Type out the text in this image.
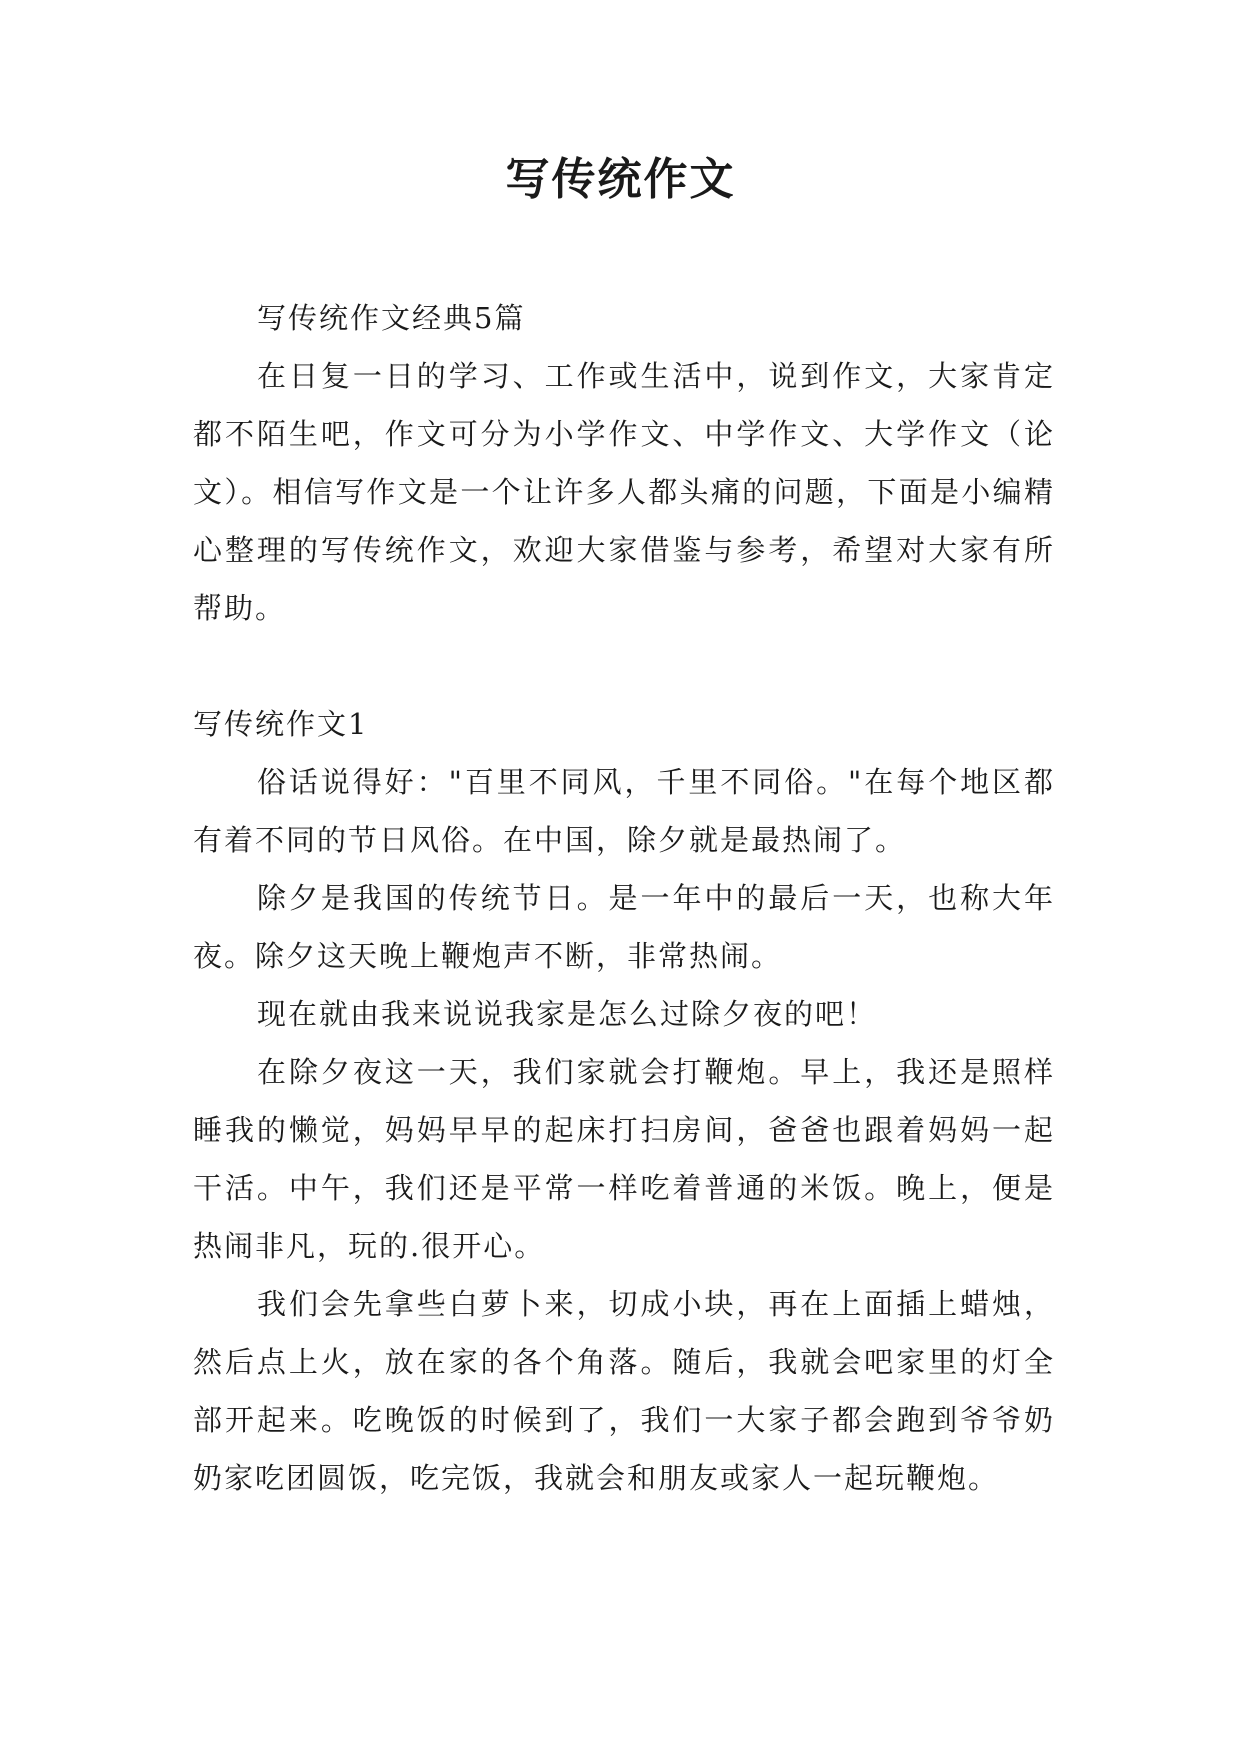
写传统作文

写传统作文经典5篇

在日复一日的学习、工作或生活中，说到作文，大家肯定都不陌生吧，作文可分为小学作文、中学作文、大学作文（论文）。相信写作文是一个让许多人都头痛的问题，下面是小编精心整理的写传统作文，欢迎大家借鉴与参考，希望对大家有所帮助。

写传统作文1

俗话说得好："百里不同风，千里不同俗。"在每个地区都有着不同的节日风俗。在中国，除夕就是最热闹了。

除夕是我国的传统节日。是一年中的最后一天，也称大年夜。除夕这天晚上鞭炮声不断，非常热闹。

现在就由我来说说我家是怎么过除夕夜的吧！

在除夕夜这一天，我们家就会打鞭炮。早上，我还是照样睡我的懒觉，妈妈早早的起床打扫房间，爸爸也跟着妈妈一起干活。中午，我们还是平常一样吃着普通的米饭。晚上，便是热闹非凡，玩的.很开心。

我们会先拿些白萝卜来，切成小块，再在上面插上蜡烛，然后点上火，放在家的各个角落。随后，我就会吧家里的灯全部开起来。吃晚饭的时候到了，我们一大家子都会跑到爷爷奶奶家吃团圆饭，吃完饭，我就会和朋友或家人一起玩鞭炮。
